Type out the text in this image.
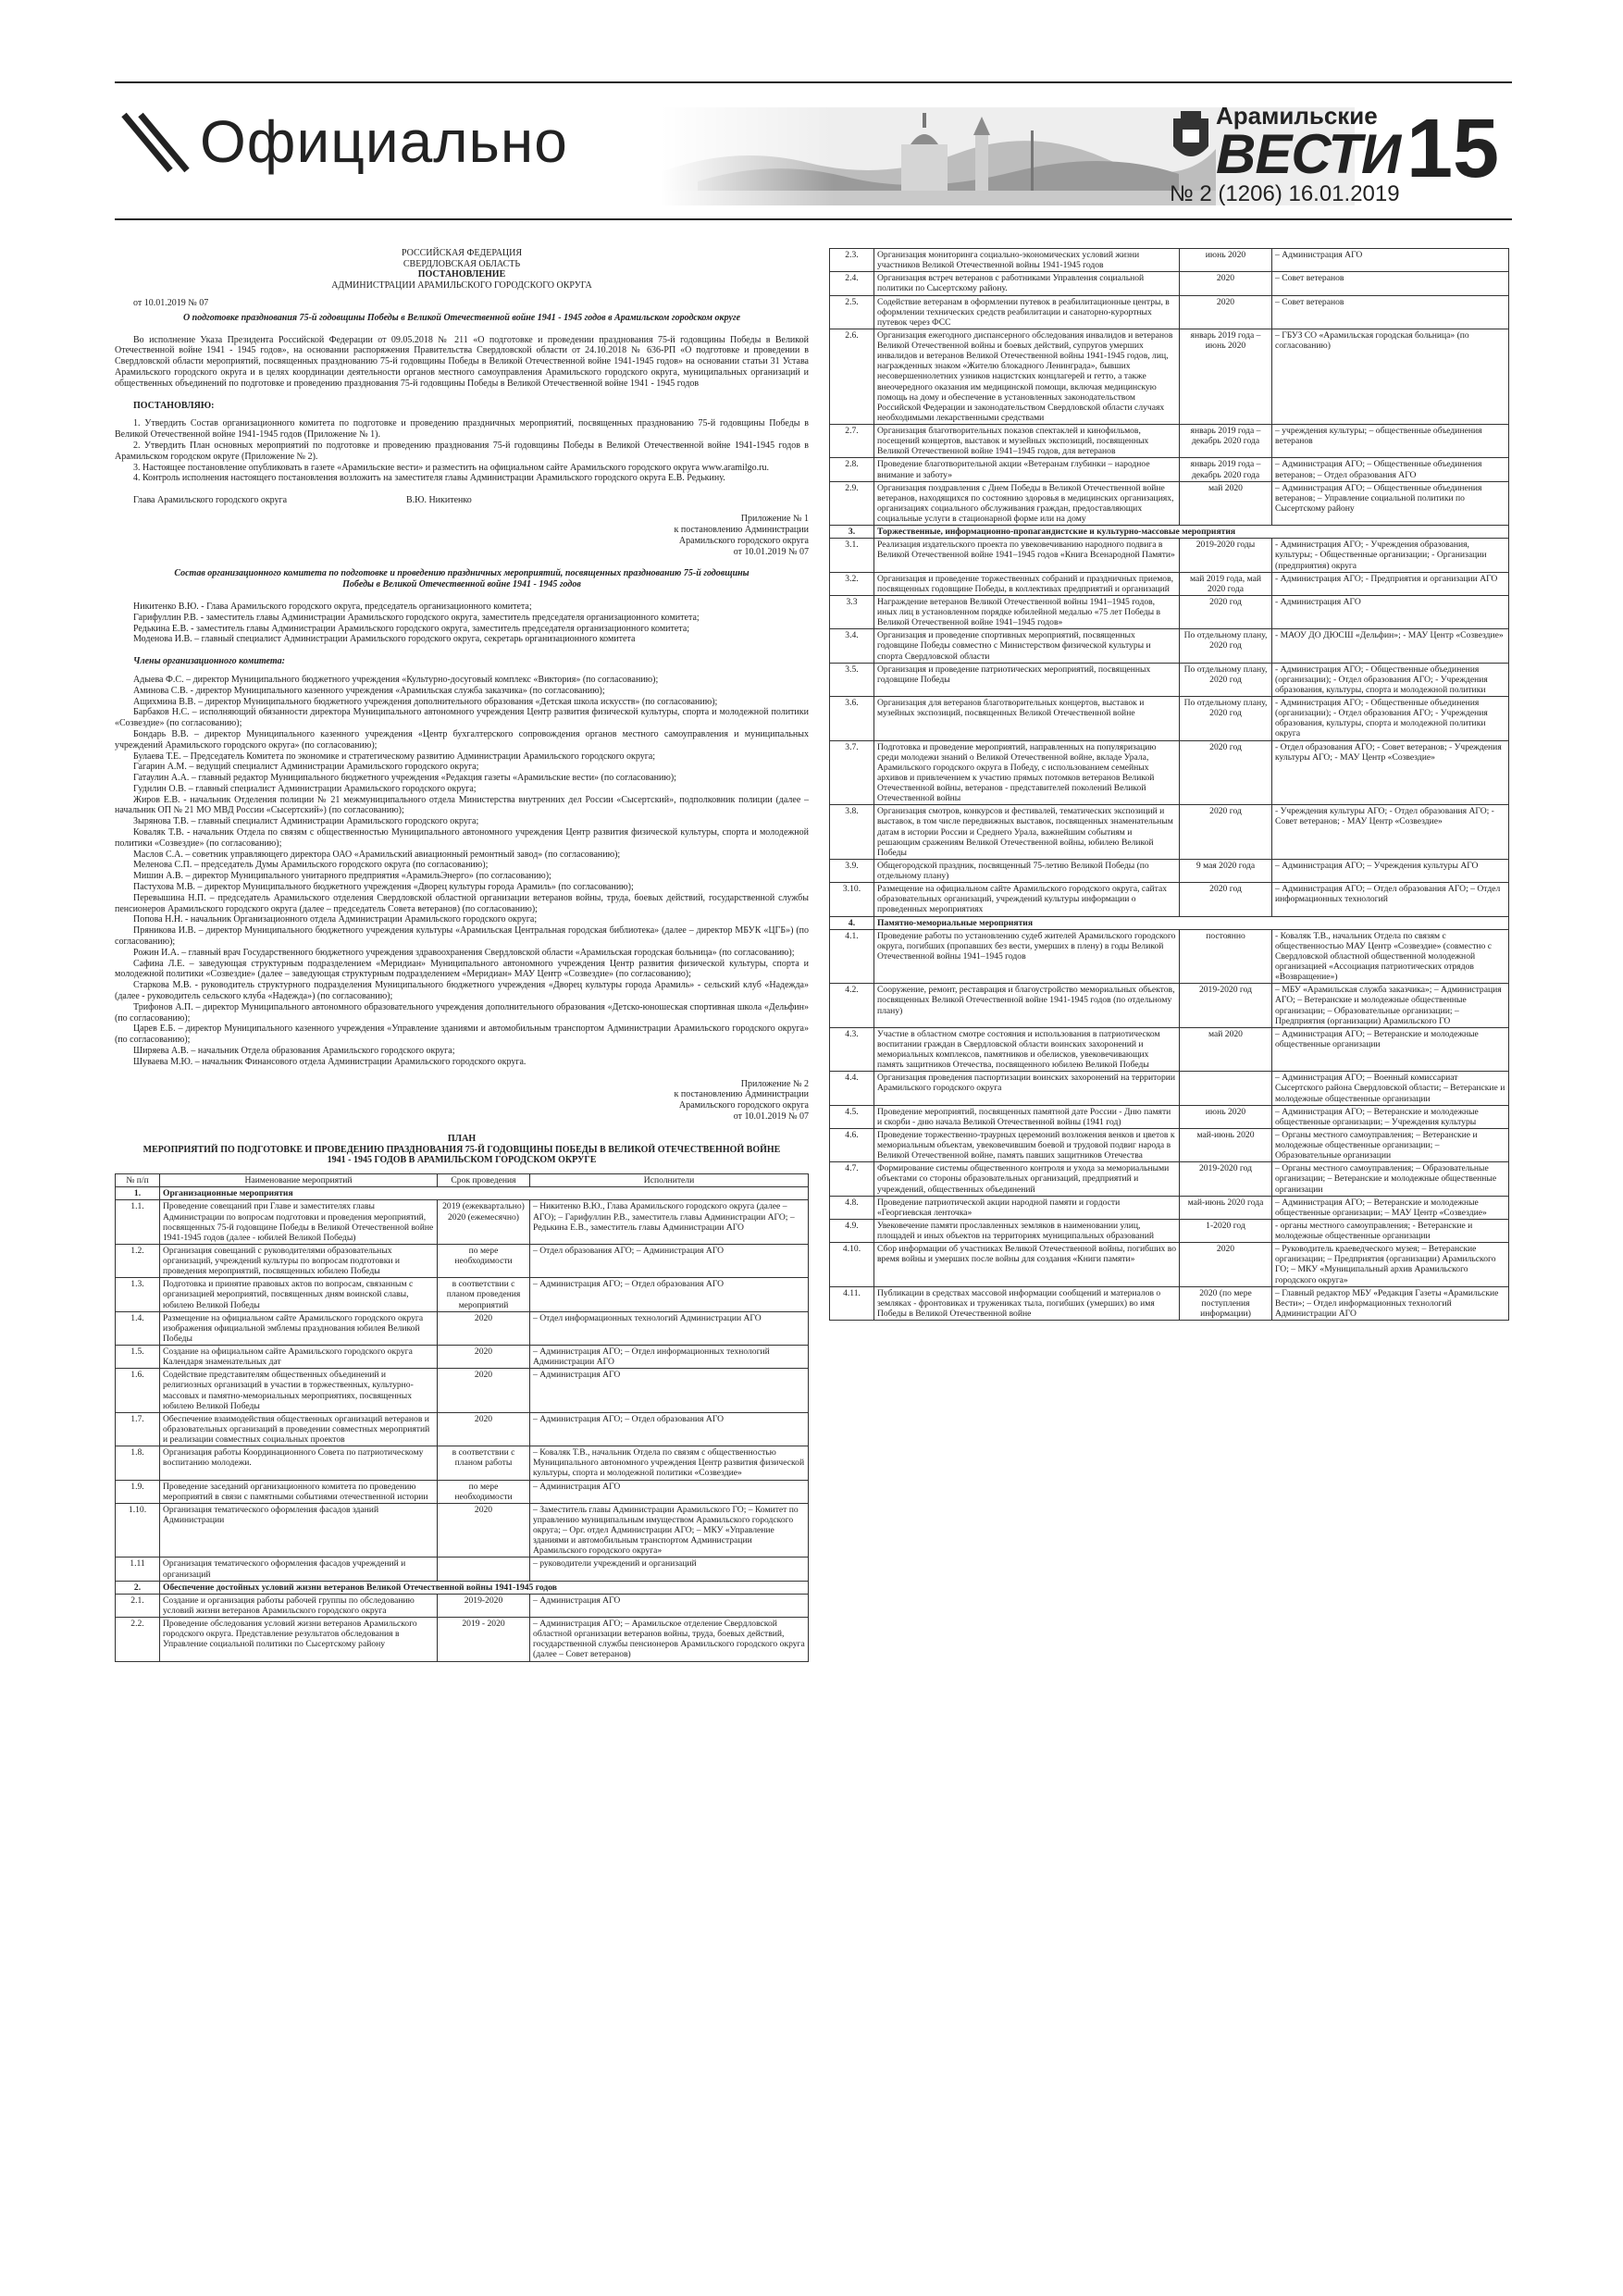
Официально	Арамильские
ВЕСТИ 15
№ 2 (1206) 16.01.2019

РОССИЙСКАЯ ФЕДЕРАЦИЯ

СВЕРДЛОВСКАЯ ОБЛАСТЬ

ПОСТАНОВЛЕНИЕ

АДМИНИСТРАЦИИ АРАМИЛЬСКОГО ГОРОДСКОГО ОКРУГА

от 10.01.2019 № 07

О подготовке празднования 75-й годовщины Победы в Великой Отечественной войне 1941 - 1945 годов в Арамильском городском округе

Во исполнение Указа Президента Российской Федерации от 09.05.2018 № 211 «О подготовке и проведении празднования 75-й годовщины Победы в Великой Отечественной войне 1941 - 1945 годов», на основании распоряжения Правительства Свердловской области от 24.10.2018 № 636-РП «О подготовке и проведении в Свердловской области мероприятий, посвященных празднованию 75-й годовщины Победы в Великой Отечественной войне 1941-1945 годов» на основании статьи 31 Устава Арамильского городского округа и в целях координации деятельности органов местного самоуправления Арамильского городского округа, муниципальных организаций и общественных объединений по подготовке и проведению празднования 75-й годовщины Победы в Великой Отечественной войне 1941 - 1945 годов

ПОСТАНОВЛЯЮ:

1. Утвердить Состав организационного комитета по подготовке и проведению праздничных мероприятий, посвященных празднованию 75-й годовщины Победы в Великой Отечественной войне 1941-1945 годов (Приложение № 1).

2. Утвердить План основных мероприятий по подготовке и проведению празднования 75-й годовщины Победы в Великой Отечественной войне 1941-1945 годов в Арамильском городском округе (Приложение № 2).

3. Настоящее постановление опубликовать в газете «Арамильские вести» и разместить на официальном сайте Арамильского городского округа www.aramilgo.ru.

4. Контроль исполнения настоящего постановления возложить на заместителя главы Администрации Арамильского городского округа Е.В. Редькину.

Глава Арамильского городского округа	В.Ю. Никитенко

Приложение № 1

к постановлению Администрации

Арамильского городского округа

от 10.01.2019 № 07

Состав организационного комитета по подготовке и проведению праздничных мероприятий, посвященных празднованию 75-й годовщины Победы в Великой Отечественной войне 1941 - 1945 годов

Никитенко В.Ю. - Глава Арамильского городского округа, председатель организационного комитета;

Гарифуллин Р.В. - заместитель главы Администрации Арамильского городского округа, заместитель председателя организационного комитета;

Редькина Е.В. - заместитель главы Администрации Арамильского городского округа, заместитель председателя организационного комитета;

Моденова И.В. – главный специалист Администрации Арамильского городского округа, секретарь организационного комитета

Члены организационного комитета:

Адыева Ф.С. – директор Муниципального бюджетного учреждения «Культурно-досуговый комплекс «Виктория» (по согласованию);

Аминова С.В. - директор Муниципального казенного учреждения «Арамильская служба заказчика» (по согласованию);

Ащихмина В.В. – директор Муниципального бюджетного учреждения дополнительного образования «Детская школа искусств» (по согласованию);

Барбаков Н.С. – исполняющий обязанности директора Муниципального автономного учреждения Центр развития физической культуры, спорта и молодежной политики «Созвездие» (по согласованию);

Бондарь В.В. – директор Муниципального казенного учреждения «Центр бухгалтерского сопровождения органов местного самоуправления и муниципальных учреждений Арамильского городского округа» (по согласованию);

Булаева Т.Е. – Председатель Комитета по экономике и стратегическому развитию Администрации Арамильского городского округа;

Гагарин А.М. – ведущий специалист Администрации Арамильского городского округа;

Гатаулин А.А. – главный редактор Муниципального бюджетного учреждения «Редакция газеты «Арамильские вести» (по согласованию);

Гуднлин О.В. – главный специалист Администрации Арамильского городского округа;

Жиров Е.В. - начальник Отделения полиции № 21 межмуниципального отдела Министерства внутренних дел России «Сысертский», подполковник полиции (далее – начальник ОП № 21 МО МВД России «Сысертский») (по согласованию);

Зырянова Т.В. – главный специалист Администрации Арамильского городского округа;

Коваляк Т.В. - начальник Отдела по связям с общественностью Муниципального автономного учреждения Центр развития физической культуры, спорта и молодежной политики «Созвездие» (по согласованию);

Маслов С.А. – советник управляющего директора ОАО «Арамильский авиационный ремонтный завод» (по согласованию);

Меленова С.П. – председатель Думы Арамильского городского округа (по согласованию);

Мишин А.В. – директор Муниципального унитарного предприятия «АрамильЭнерго» (по согласованию);

Пастухова М.В. – директор Муниципального бюджетного учреждения «Дворец культуры города Арамиль» (по согласованию);

Перевышина Н.П. – председатель Арамильского отделения Свердловской областной организации ветеранов войны, труда, боевых действий, государственной службы пенсионеров Арамильского городского округа (далее – председатель Совета ветеранов) (по согласованию);

Попова Н.Н. - начальник Организационного отдела Администрации Арамильского городского округа;

Пряникова И.В. – директор Муниципального бюджетного учреждения культуры «Арамильская Центральная городская библиотека» (далее – директор МБУК «ЦГБ») (по согласованию);

Рожин И.А. – главный врач Государственного бюджетного учреждения здравоохранения Свердловской области «Арамильская городская больница» (по согласованию);

Сафина Л.Е. – заведующая структурным подразделением «Меридиан» Муниципального автономного учреждения Центр развития физической культуры, спорта и молодежной политики «Созвездие» (далее – заведующая структурным подразделением «Меридиан» МАУ Центр «Созвездие» (по согласованию);

Старкова М.В. - руководитель структурного подразделения Муниципального бюджетного учреждения «Дворец культуры города Арамиль» - сельский клуб «Надежда» (далее - руководитель сельского клуба «Надежда») (по согласованию);

Трифонов А.П. – директор Муниципального автономного образовательного учреждения дополнительного образования «Детско-юношеская спортивная школа «Дельфин» (по согласованию);

Царев Е.Б. – директор Муниципального казенного учреждения «Управление зданиями и автомобильным транспортом Администрации Арамильского городского округа» (по согласованию);

Ширяева А.В. – начальник Отдела образования Арамильского городского округа;

Шуваева М.Ю. – начальник Финансового отдела Администрации Арамильского городского округа.

Приложение № 2

к постановлению Администрации

Арамильского городского округа

от 10.01.2019 № 07

ПЛАН

МЕРОПРИЯТИЙ ПО ПОДГОТОВКЕ И ПРОВЕДЕНИЮ ПРАЗДНОВАНИЯ 75-Й ГОДОВЩИНЫ ПОБЕДЫ В ВЕЛИКОЙ ОТЕЧЕСТВЕННОЙ ВОЙНЕ 1941 - 1945 ГОДОВ В АРАМИЛЬСКОМ ГОРОДСКОМ ОКРУГЕ

№ п/п	Наименование мероприятий	Срок проведения	Исполнители
1.	Организационные мероприятия		
1.1.	Проведение совещаний при Главе и заместителях главы Администрации по вопросам подготовки и проведения мероприятий, посвященных 75-й годовщине Победы в Великой Отечественной войне 1941-1945 годов (далее - юбилей Великой Победы)	2019 (ежеквартально) 2020 (ежемесячно)	– Никитенко В.Ю., Глава Арамильского городского округа (далее – АГО); – Гарифуллин Р.В., заместитель главы Администрации АГО; – Редькина Е.В., заместитель главы Администрации АГО
1.2.	Организация совещаний с руководителями образовательных организаций, учреждений культуры по вопросам подготовки и проведения мероприятий, посвященных юбилею Победы	по мере необходимости	– Отдел образования АГО; – Администрация АГО
1.3.	Подготовка и принятие правовых актов по вопросам, связанным с организацией мероприятий, посвященных дням воинской славы, юбилею Великой Победы	в соответствии с планом проведения мероприятий	– Администрация АГО; – Отдел образования АГО
1.4.	Размещение на официальном сайте Арамильского городского округа изображения официальной эмблемы празднования юбилея Великой Победы	2020	– Отдел информационных технологий Администрации АГО
1.5.	Создание на официальном сайте Арамильского городского округа Календаря знаменательных дат	2020	– Администрация АГО; – Отдел информационных технологий Администрации АГО
1.6.	Содействие представителям общественных объединений и религиозных организаций в участии в торжественных, культурно-массовых и памятно-мемориальных мероприятиях, посвященных юбилею Великой Победы	2020	– Администрация АГО
1.7.	Обеспечение взаимодействия общественных организаций ветеранов и образовательных организаций в проведении совместных мероприятий и реализации совместных социальных проектов	2020	– Администрация АГО; – Отдел образования АГО
1.8.	Организация работы Координационного Совета по патриотическому воспитанию молодежи.	в соответствии с планом работы	– Коваляк Т.В., начальник Отдела по связям с общественностью Муниципального автономного учреждения Центр развития физической культуры, спорта и молодежной политики «Созвездие»
1.9.	Проведение заседаний организационного комитета по проведению мероприятий в связи с памятными событиями отечественной истории	по мере необходимости	– Администрация АГО
1.10.	Организация тематического оформления фасадов зданий Администрации	2020	– Заместитель главы Администрации Арамильского ГО; – Комитет по управлению муниципальным имуществом Арамильского городского округа; – Орг. отдел Администрации АГО; – МКУ «Управление зданиями и автомобильным транспортом Администрации Арамильского городского округа»
1.11	Организация тематического оформления фасадов учреждений и организаций		– руководители учреждений и организаций
2.	Обеспечение достойных условий жизни ветеранов Великой Отечественной войны 1941-1945 годов		
2.1.	Создание и организация работы рабочей группы по обследованию условий жизни ветеранов Арамильского городского округа	2019-2020	– Администрация АГО
2.2.	Проведение обследования условий жизни ветеранов Арамильского городского округа. Представление результатов обследования в Управление социальной политики по Сысертскому району	2019 - 2020	– Администрация АГО; – Арамильское отделение Свердловской областной организации ветеранов войны, труда, боевых действий, государственной службы пенсионеров Арамильского городского округа (далее – Совет ветеранов)
2.3.	Организация мониторинга социально-экономических условий жизни участников Великой Отечественной войны 1941-1945 годов	июнь 2020	– Администрация АГО
2.4.	Организация встреч ветеранов с работниками Управления социальной политики по Сысертскому району.	2020	– Совет ветеранов
2.5.	Содействие ветеранам в оформлении путевок в реабилитационные центры, в оформлении технических средств реабилитации и санаторно-курортных путевок через ФСС	2020	– Совет ветеранов
2.6.	Организация ежегодного диспансерного обследования инвалидов и ветеранов Великой Отечественной войны и боевых действий, супругов умерших инвалидов и ветеранов Великой Отечественной войны 1941-1945 годов, лиц, награжденных знаком «Жителю блокадного Ленинграда», бывших несовершеннолетних узников нацистских концлагерей и гетто, а также внеочередного оказания им медицинской помощи, включая медицинскую помощь на дому и обеспечение в установленных законодательством Российской Федерации и законодательством Свердловской области случаях необходимыми лекарственными средствами	январь 2019 года – июнь 2020	– ГБУЗ СО «Арамильская городская больница» (по согласованию)
2.7.	Организация благотворительных показов спектаклей и кинофильмов, посещений концертов, выставок и музейных экспозиций, посвященных Великой Отечественной войне 1941–1945 годов, для ветеранов	январь 2019 года – декабрь 2020 года	– учреждения культуры; – общественные объединения ветеранов
2.8.	Проведение благотворительной акции «Ветеранам глубинки – народное внимание и заботу»	январь 2019 года – декабрь 2020 года	– Администрация АГО; – Общественные объединения ветеранов; – Отдел образования АГО
2.9.	Организация поздравления с Днем Победы в Великой Отечественной войне ветеранов, находящихся по состоянию здоровья в медицинских организациях, организациях социального обслуживания граждан, предоставляющих социальные услуги в стационарной форме или на дому	май 2020	– Администрация АГО; – Общественные объединения ветеранов; – Управление социальной политики по Сысертскому району
3.	Торжественные, информационно-пропагандистские и культурно-массовые мероприятия		
3.1.	Реализация издательского проекта по увековечиванию народного подвига в Великой Отечественной войне 1941–1945 годов «Книга Всенародной Памяти»	2019-2020 годы	- Администрация АГО; - Учреждения образования, культуры; - Общественные организации; - Организации (предприятия) округа
3.2.	Организация и проведение торжественных собраний и праздничных приемов, посвященных годовщине Победы, в коллективах предприятий и организаций	май 2019 года, май 2020 года	- Администрация АГО; - Предприятия и организации АГО
3.3	Награждение ветеранов Великой Отечественной войны 1941–1945 годов, иных лиц в установленном порядке юбилейной медалью «75 лет Победы в Великой Отечественной войне 1941–1945 годов»	2020 год	- Администрация АГО
3.4.	Организация и проведение спортивных мероприятий, посвященных годовщине Победы совместно с Министерством физической культуры и спорта Свердловской области	По отдельному плану, 2020 год	- МАОУ ДО ДЮСШ «Дельфин»; - МАУ Центр «Созвездие»
3.5.	Организация и проведение патриотических мероприятий, посвященных годовщине Победы	По отдельному плану, 2020 год	- Администрация АГО; - Общественные объединения (организации); - Отдел образования АГО; - Учреждения образования, культуры, спорта и молодежной политики
3.6.	Организация для ветеранов благотворительных концертов, выставок и музейных экспозиций, посвященных Великой Отечественной войне	По отдельному плану, 2020 год	- Администрация АГО; - Общественные объединения (организации); - Отдел образования АГО; - Учреждения образования, культуры, спорта и молодежной политики округа
3.7.	Подготовка и проведение мероприятий, направленных на популяризацию среди молодежи знаний о Великой Отечественной войне, вкладе Урала, Арамильского городского округа в Победу, с использованием семейных архивов и привлечением к участию прямых потомков ветеранов Великой Отечественной войны, ветеранов - представителей поколений Великой Отечественной войны	2020 год	- Отдел образования АГО; - Совет ветеранов; - Учреждения культуры АГО; - МАУ Центр «Созвездие»
3.8.	Организация смотров, конкурсов и фестивалей, тематических экспозиций и выставок, в том числе передвижных выставок, посвященных знаменательным датам в истории России и Среднего Урала, важнейшим событиям и решающим сражениям Великой Отечественной войны, юбилею Великой Победы	2020 год	- Учреждения культуры АГО; - Отдел образования АГО; - Совет ветеранов; - МАУ Центр «Созвездие»
3.9.	Общегородской праздник, посвященный 75-летию Великой Победы (по отдельному плану)	9 мая 2020 года	– Администрация АГО; – Учреждения культуры АГО
3.10.	Размещение на официальном сайте Арамильского городского округа, сайтах образовательных организаций, учреждений культуры информации о проведенных мероприятиях	2020 год	– Администрация АГО; – Отдел образования АГО; – Отдел информационных технологий
4.	Памятно-мемориальные мероприятия		
4.1.	Проведение работы по установлению судеб жителей Арамильского городского округа, погибших (пропавших без вести, умерших в плену) в годы Великой Отечественной войны 1941–1945 годов	постоянно	- Коваляк Т.В., начальник Отдела по связям с общественностью МАУ Центр «Созвездие» (совместно с Свердловской областной общественной молодежной организацией «Ассоциация патриотических отрядов «Возвращение»)
4.2.	Сооружение, ремонт, реставрация и благоустройство мемориальных объектов, посвященных Великой Отечественной войне 1941-1945 годов (по отдельному плану)	2019-2020 год	– МБУ «Арамильская служба заказчика»; – Администрация АГО; – Ветеранские и молодежные общественные организации; – Образовательные организации; – Предприятия (организации) Арамильского ГО
4.3.	Участие в областном смотре состояния и использования в патриотическом воспитании граждан в Свердловской области воинских захоронений и мемориальных комплексов, памятников и обелисков, увековечивающих память защитников Отечества, посвященного юбилею Великой Победы	май 2020	– Администрация АГО; – Ветеранские и молодежные общественные организации
4.4.	Организация проведения паспортизации воинских захоронений на территории Арамильского городского округа		– Администрация АГО; – Военный комиссариат Сысертского района Свердловской области; – Ветеранские и молодежные общественные организации
4.5.	Проведение мероприятий, посвященных памятной дате России - Дню памяти и скорби - дню начала Великой Отечественной войны (1941 год)	июнь 2020	– Администрация АГО; – Ветеранские и молодежные общественные организации; – Учреждения культуры
4.6.	Проведение торжественно-траурных церемоний возложения венков и цветов к мемориальным объектам, увековечившим боевой и трудовой подвиг народа в Великой Отечественной войне, память павших защитников Отечества	май-июнь 2020	– Органы местного самоуправления; – Ветеранские и молодежные общественные организации; – Образовательные организации
4.7.	Формирование системы общественного контроля и ухода за мемориальными объектами со стороны образовательных организаций, предприятий и учреждений, общественных объединений	2019-2020 год	– Органы местного самоуправления; – Образовательные организации; – Ветеранские и молодежные общественные организации
4.8.	Проведение патриотической акции народной памяти и гордости «Георгиевская ленточка»	май-июнь 2020 года	– Администрация АГО; – Ветеранские и молодежные общественные организации; – МАУ Центр «Созвездие»
4.9.	Увековечение памяти прославленных земляков в наименовании улиц, площадей и иных объектов на территориях муниципальных образований	1-2020 год	- органы местного самоуправления; - Ветеранские и молодежные общественные организации
4.10.	Сбор информации об участниках Великой Отечественной войны, погибших во время войны и умерших после войны для создания «Книги памяти»	2020	– Руководитель краеведческого музея; – Ветеранские организации; – Предприятия (организации) Арамильского ГО; – МКУ «Муниципальный архив Арамильского городского округа»
4.11.	Публикации в средствах массовой информации сообщений и материалов о земляках - фронтовиках и тружениках тыла, погибших (умерших) во имя Победы в Великой Отечественной войне	2020 (по мере поступления информации)	– Главный редактор МБУ «Редакция Газеты «Арамильские Вести»; – Отдел информационных технологий Администрации АГО
